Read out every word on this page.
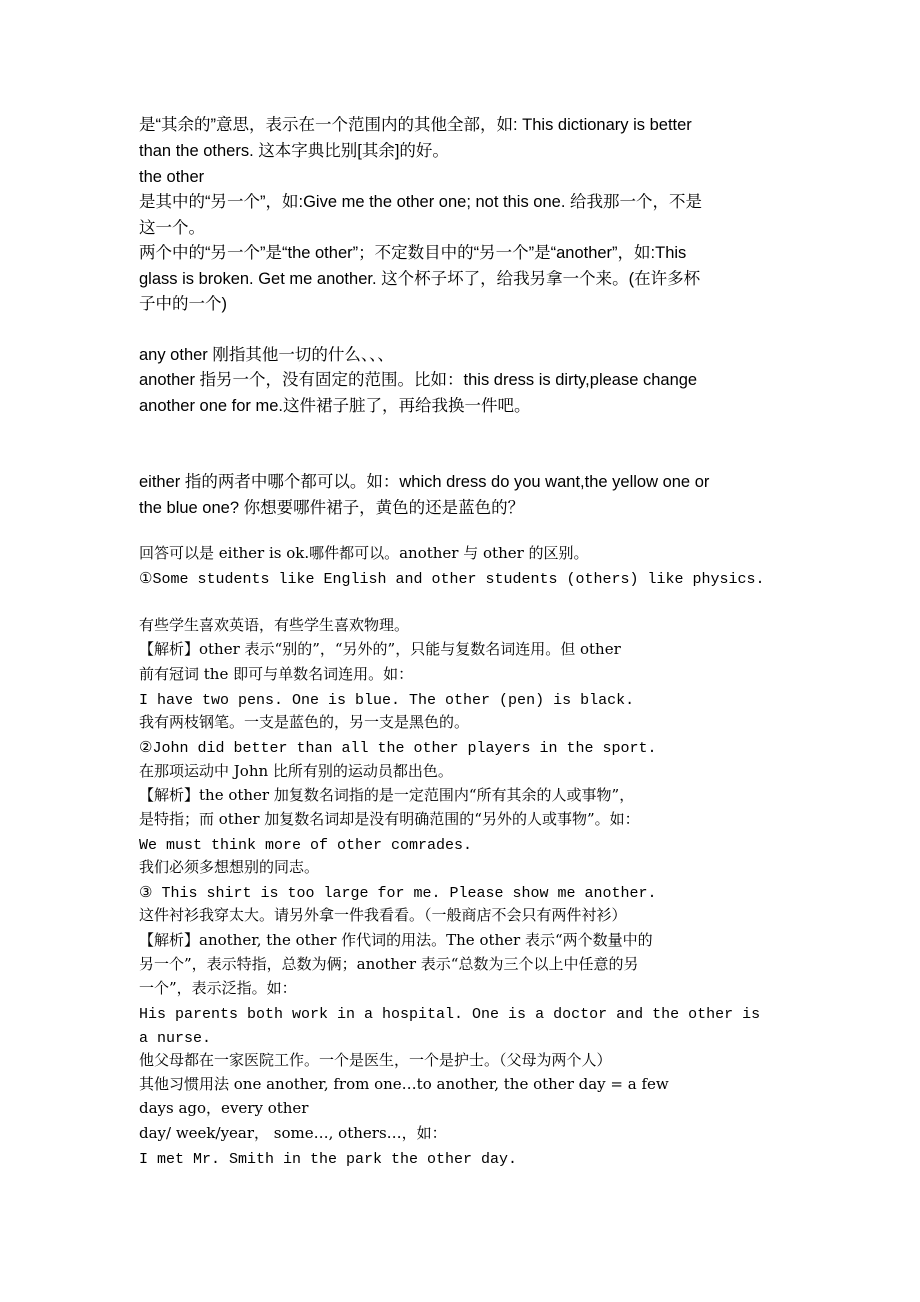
是“其余的”意思，表示在一个范围内的其他全部，如: This dictionary is better

than the others. 这本字典比别[其余]的好。

the other

是其中的“另一个”，如:Give me the other one; not this one. 给我那一个，不是

这一个。

两个中的“另一个”是“the other”；不定数目中的“另一个”是“another”，如:This

glass is broken. Get me another. 这个杯子坏了，给我另拿一个来。(在许多杯

子中的一个)

any other 刚指其他一切的什么、、、

another 指另一个，没有固定的范围。比如：this dress is dirty,please change

another one for me.这件裙子脏了，再给我换一件吧。

either 指的两者中哪个都可以。如：which dress do you want,the yellow one or

the blue one? 你想要哪件裙子，黄色的还是蓝色的？

回答可以是 either is ok.哪件都可以。another 与 other 的区别。

①Some students like English and other students (others) like physics.

有些学生喜欢英语，有些学生喜欢物理。

【解析】other 表示“别的”，“另外的”，只能与复数名词连用。但 other

前有冠词 the 即可与单数名词连用。如：

I have two pens. One is blue. The other (pen) is black.

我有两枝钢笔。一支是蓝色的，另一支是黑色的。

②John did better than all the other players in the sport.

在那项运动中 John 比所有别的运动员都出色。

【解析】the other 加复数名词指的是一定范围内“所有其余的人或事物”，

是特指；而 other 加复数名词却是没有明确范围的“另外的人或事物”。如：

We must think more of other comrades.

我们必须多想想别的同志。

③ This shirt is too large for me. Please show me another.

这件衬衫我穿太大。请另外拿一件我看看。（一般商店不会只有两件衬衫）

【解析】another, the other 作代词的用法。The other 表示“两个数量中的

另一个”，表示特指，总数为俩；another 表示“总数为三个以上中任意的另

一个”，表示泛指。如：

His parents both work in a hospital. One is a doctor and the other is

a nurse.

他父母都在一家医院工作。一个是医生，一个是护士。（父母为两个人）

其他习惯用法 one another, from one…to another, the other day = a few

days ago，every other

day/ week/year， some…, others…，如：

I met Mr. Smith in the park the other day.
